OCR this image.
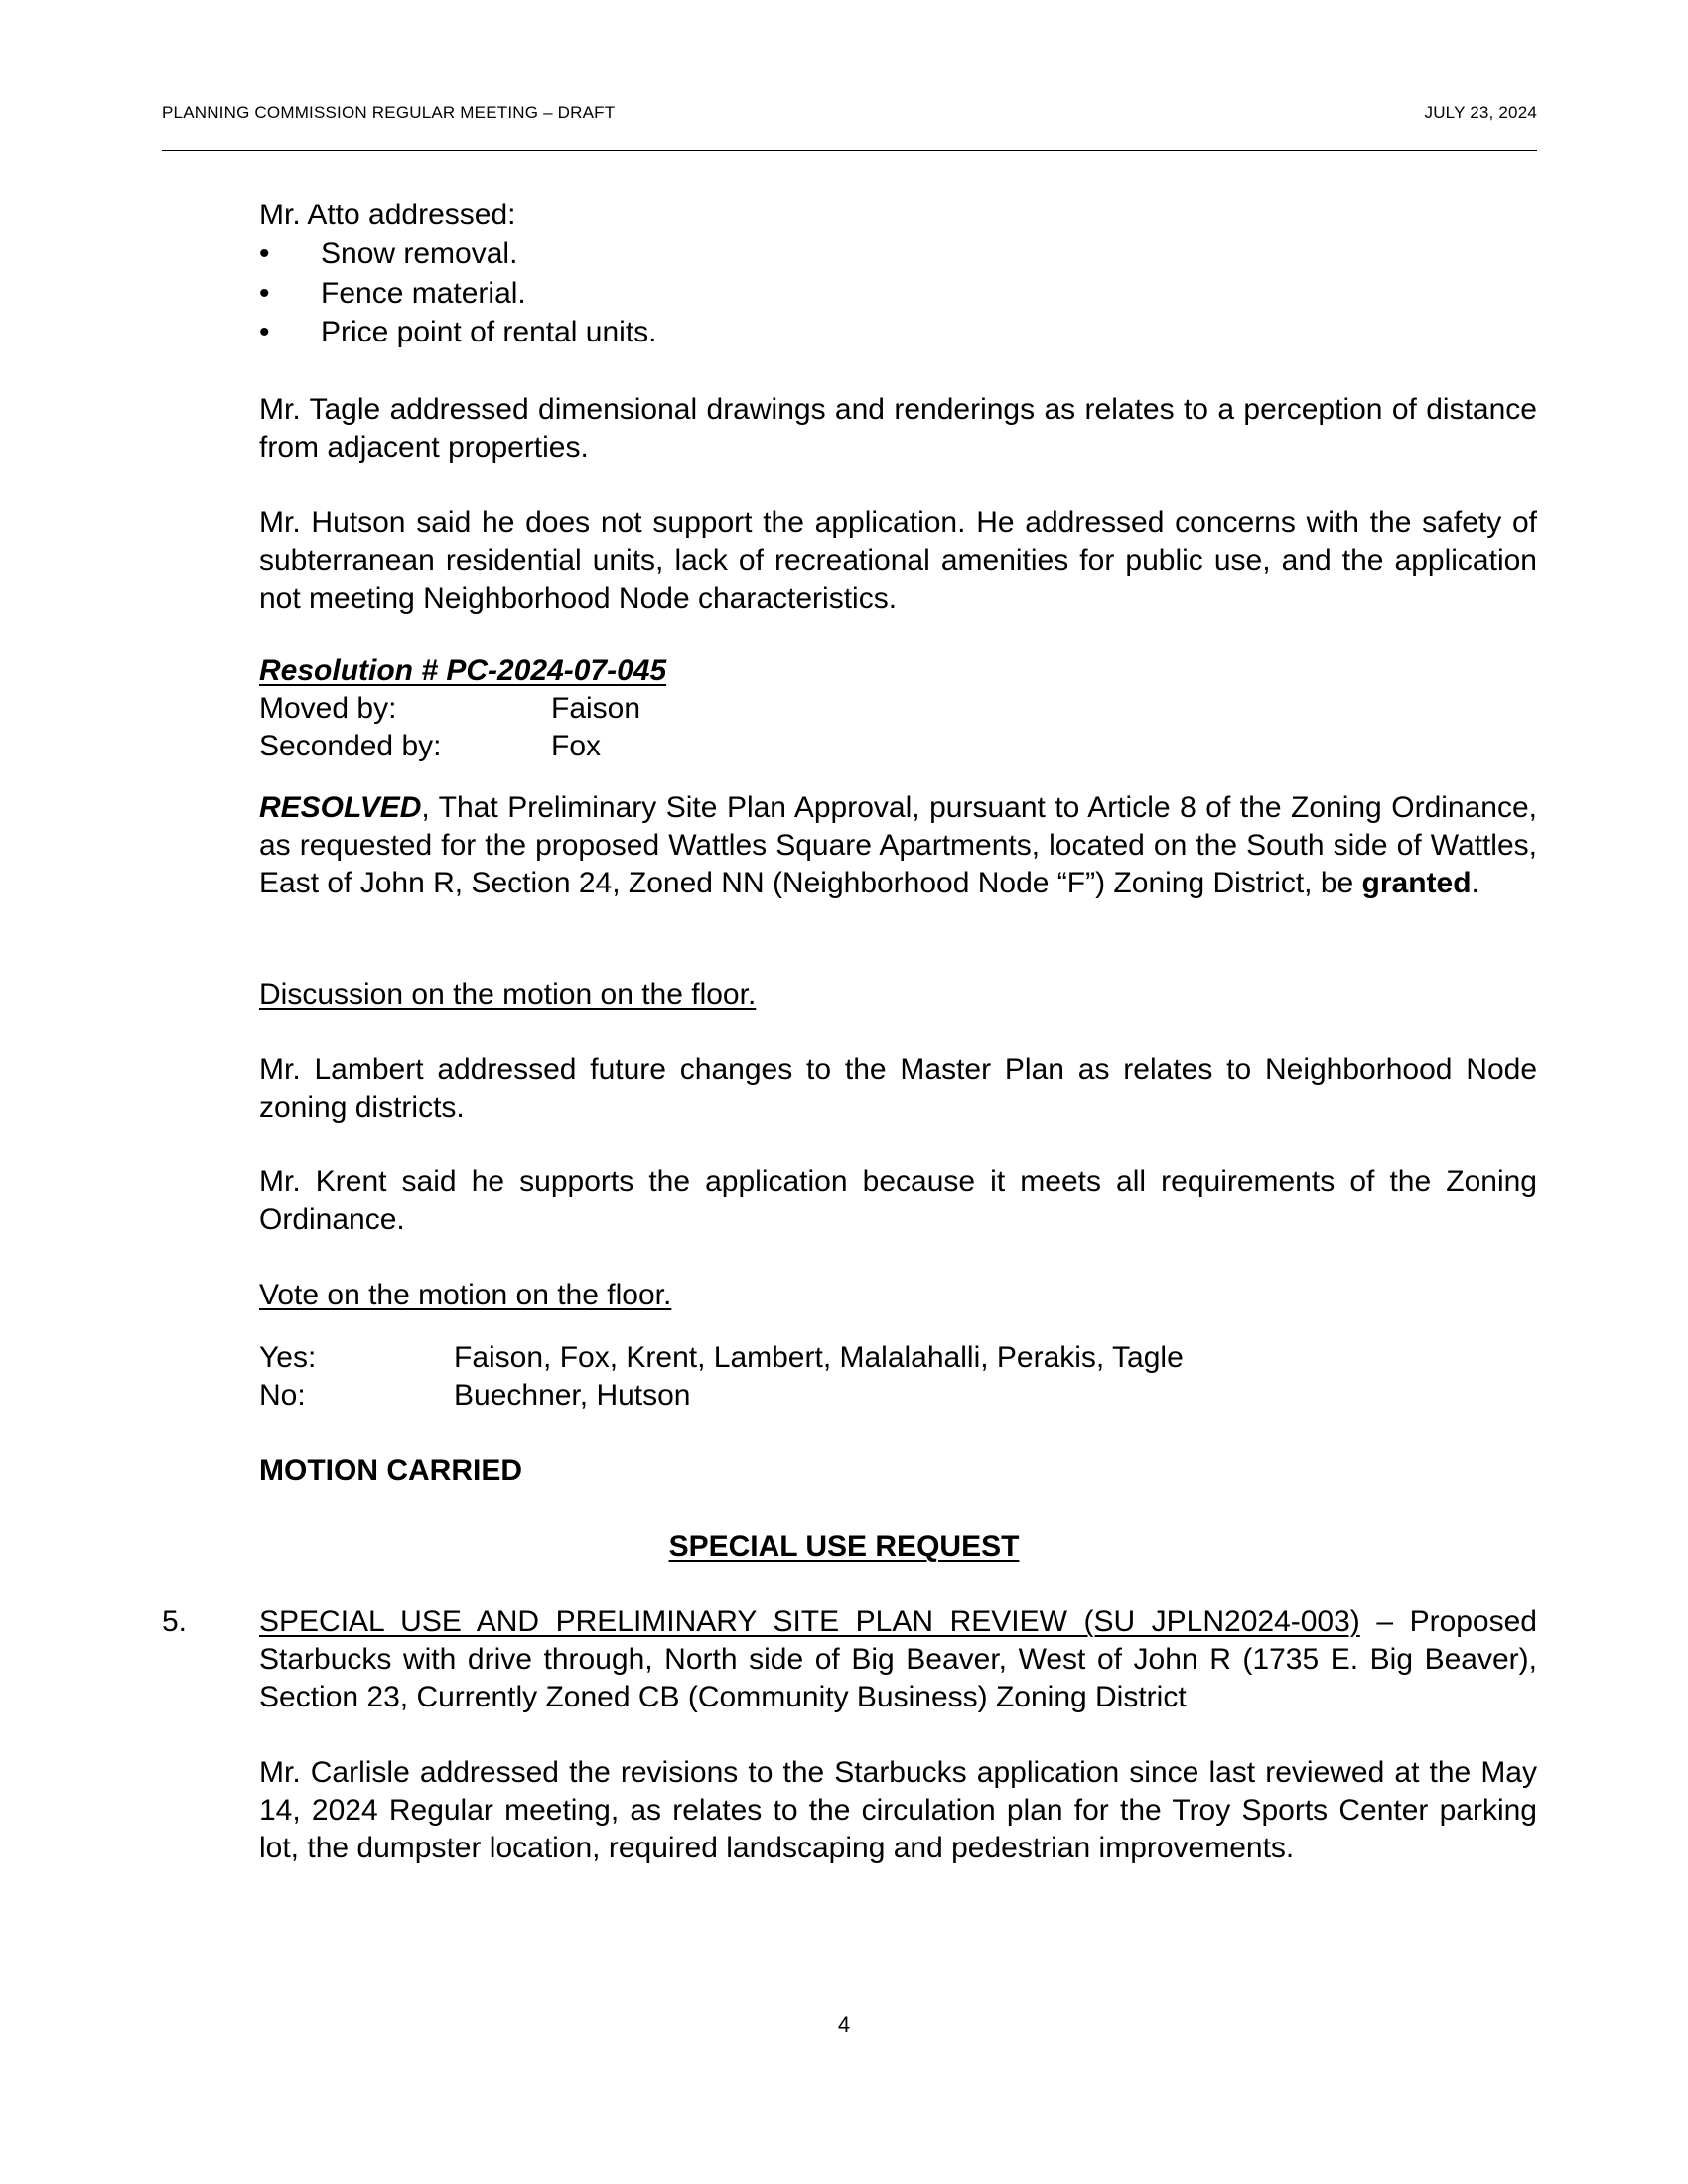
PLANNING COMMISSION REGULAR MEETING – DRAFT	JULY 23, 2024
Mr. Atto addressed:
• Snow removal.
• Fence material.
• Price point of rental units.
Mr. Tagle addressed dimensional drawings and renderings as relates to a perception of distance from adjacent properties.
Mr. Hutson said he does not support the application. He addressed concerns with the safety of subterranean residential units, lack of recreational amenities for public use, and the application not meeting Neighborhood Node characteristics.
Resolution # PC-2024-07-045
Moved by:	Faison
Seconded by:	Fox
RESOLVED, That Preliminary Site Plan Approval, pursuant to Article 8 of the Zoning Ordinance, as requested for the proposed Wattles Square Apartments, located on the South side of Wattles, East of John R, Section 24, Zoned NN (Neighborhood Node “F”) Zoning District, be granted.
Discussion on the motion on the floor.
Mr. Lambert addressed future changes to the Master Plan as relates to Neighborhood Node zoning districts.
Mr. Krent said he supports the application because it meets all requirements of the Zoning Ordinance.
Vote on the motion on the floor.
Yes:	Faison, Fox, Krent, Lambert, Malalahalli, Perakis, Tagle
No:	Buechner, Hutson
MOTION CARRIED
SPECIAL USE REQUEST
5. SPECIAL USE AND PRELIMINARY SITE PLAN REVIEW (SU JPLN2024-003) – Proposed Starbucks with drive through, North side of Big Beaver, West of John R (1735 E. Big Beaver), Section 23, Currently Zoned CB (Community Business) Zoning District
Mr. Carlisle addressed the revisions to the Starbucks application since last reviewed at the May 14, 2024 Regular meeting, as relates to the circulation plan for the Troy Sports Center parking lot, the dumpster location, required landscaping and pedestrian improvements.
4
